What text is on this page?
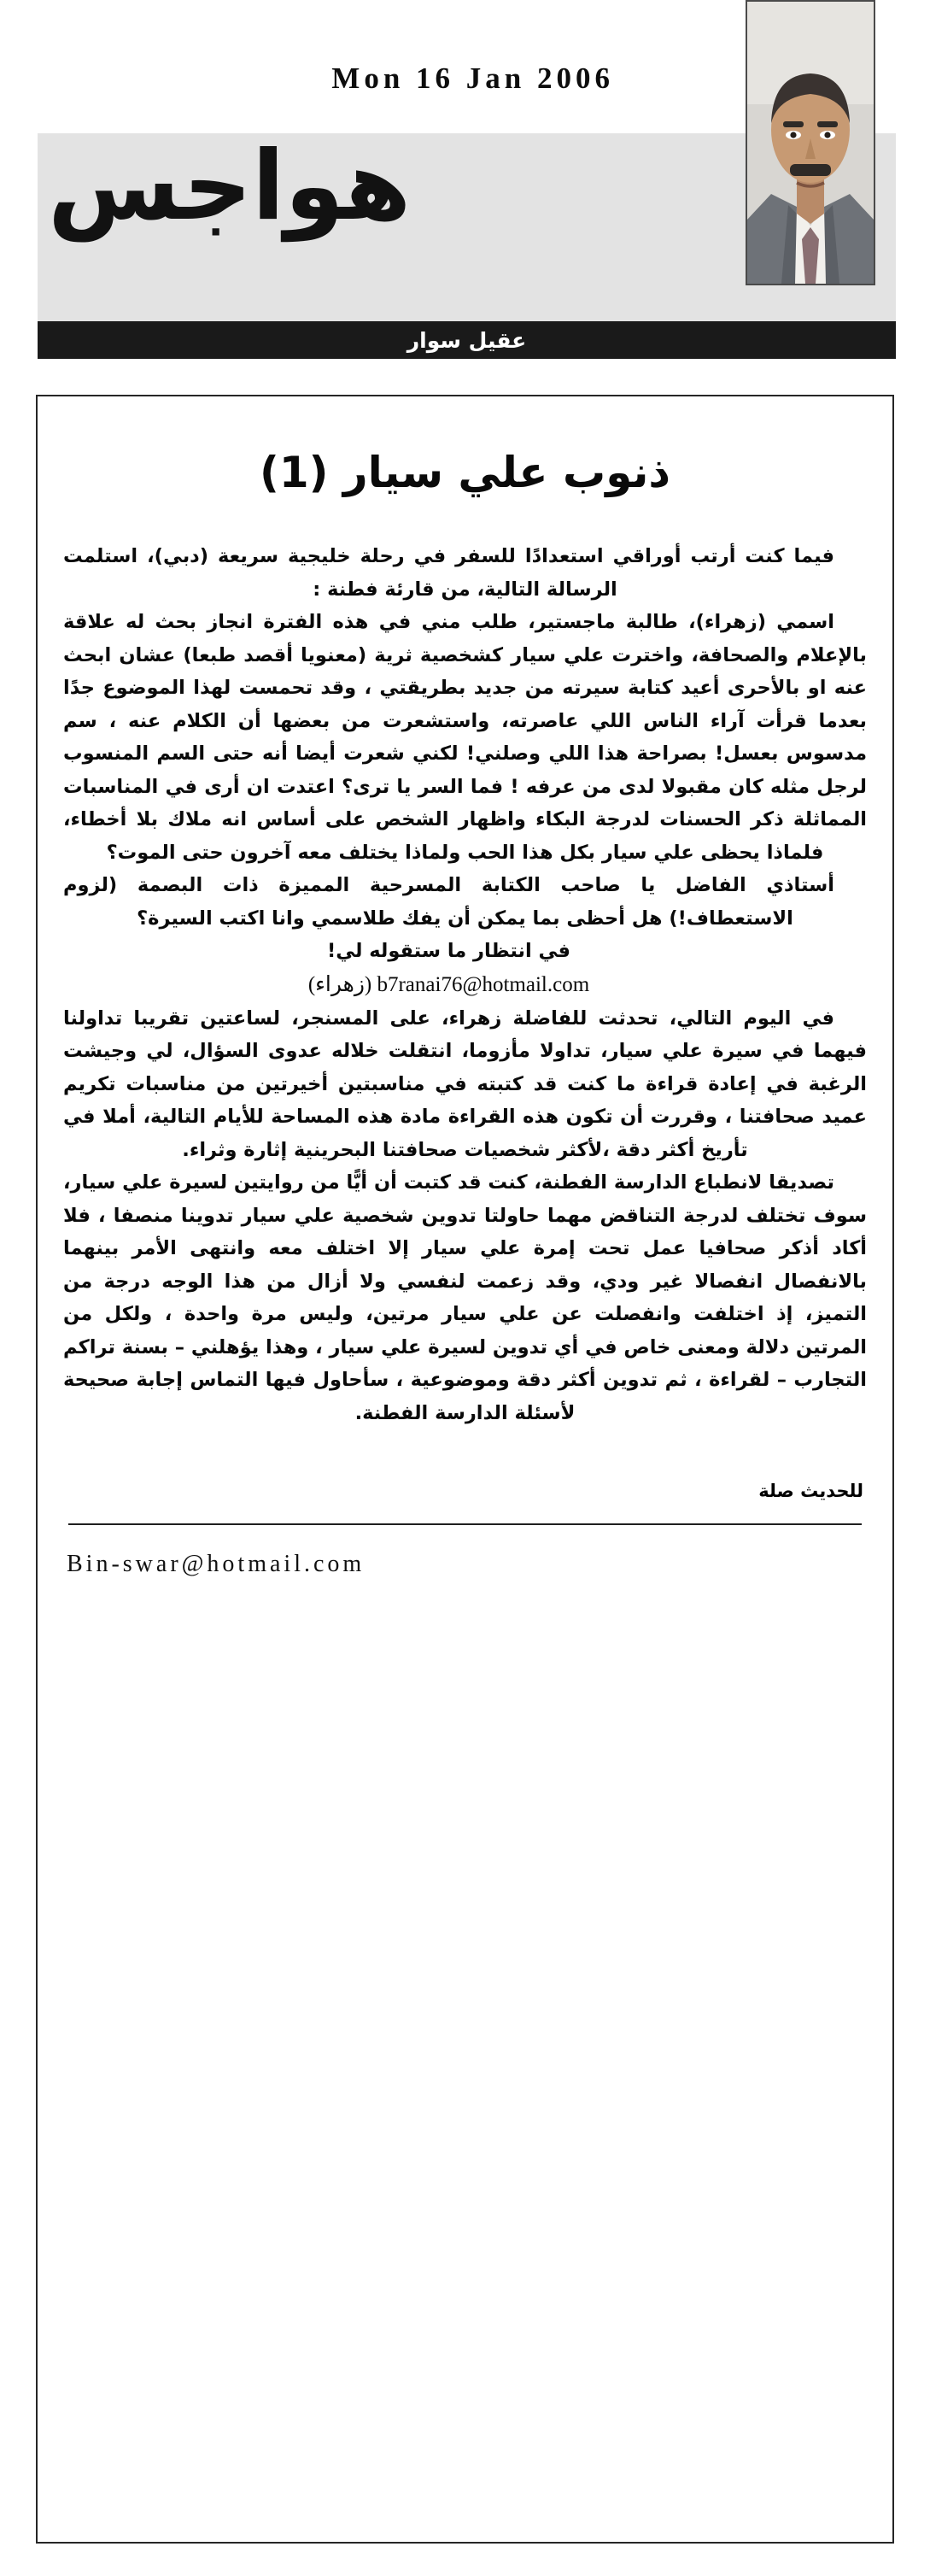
Mon 16 Jan 2006
هواجس
عقيل سوار
ذنوب علي سيار (1)

فيما كنت أرتب أوراقي استعدادًا للسفر في رحلة خليجية سريعة (دبي)، استلمت الرسالة التالية، من قارئة فطنة :

اسمي (زهراء)، طالبة ماجستير، طلب مني في هذه الفترة انجاز بحث له علاقة بالإعلام والصحافة، واخترت علي سيار كشخصية ثرية (معنويا أقصد طبعا) عشان ابحث عنه او بالأحرى أعيد كتابة سيرته من جديد بطريقتي ، وقد تحمست لهذا الموضوع جدًا بعدما قرأت آراء الناس اللي عاصرته، واستشعرت من بعضها أن الكلام عنه ، سم مدسوس بعسل! بصراحة هذا اللي وصلني! لكني شعرت أيضا أنه حتى السم المنسوب لرجل مثله كان مقبولا لدى من عرفه ! فما السر يا ترى؟ اعتدت ان أرى في المناسبات المماثلة ذكر الحسنات لدرجة البكاء واظهار الشخص على أساس انه ملاك بلا أخطاء، فلماذا يحظى علي سيار بكل هذا الحب ولماذا يختلف معه آخرون حتى الموت؟

أستاذي الفاضل يا صاحب الكتابة المسرحية المميزة ذات البصمة (لزوم الاستعطاف!) هل أحظى بما يمكن أن يفك طلاسمي وانا اكتب السيرة؟

في انتظار ما ستقوله لي!

b7ranai76@hotmail.com (زهراء)

في اليوم التالي، تحدثت للفاضلة زهراء، على المسنجر، لساعتين تقريبا تداولنا فيهما في سيرة علي سيار، تداولا مأزوما، انتقلت خلاله عدوى السؤال، لي وجيشت الرغبة في إعادة قراءة ما كنت قد كتبته في مناسبتين أخيرتين من مناسبات تكريم عميد صحافتنا ، وقررت أن تكون هذه القراءة مادة هذه المساحة للأيام التالية، أملا في تأريخ أكثر دقة ،لأكثر شخصيات صحافتنا البحرينية إثارة وثراء.

تصديقا لانطباع الدارسة الفطنة، كنت قد كتبت أن أيًّا من روايتين لسيرة علي سيار، سوف تختلف لدرجة التناقض مهما حاولتا تدوين شخصية علي سيار تدوينا منصفا ، فلا أكاد أذكر صحافيا عمل تحت إمرة علي سيار إلا اختلف معه وانتهى الأمر بينهما بالانفصال انفصالا غير ودي، وقد زعمت لنفسي ولا أزال من هذا الوجه درجة من التميز، إذ اختلفت وانفصلت عن علي سيار مرتين، وليس مرة واحدة ، ولكل من المرتين دلالة ومعنى خاص في أي تدوين لسيرة علي سيار ، وهذا يؤهلني – بسنة تراكم التجارب – لقراءة ، ثم تدوين أكثر دقة وموضوعية ، سأحاول فيها التماس إجابة صحيحة لأسئلة الدارسة الفطنة.

للحديث صلة
Bin-swar@hotmail.com
